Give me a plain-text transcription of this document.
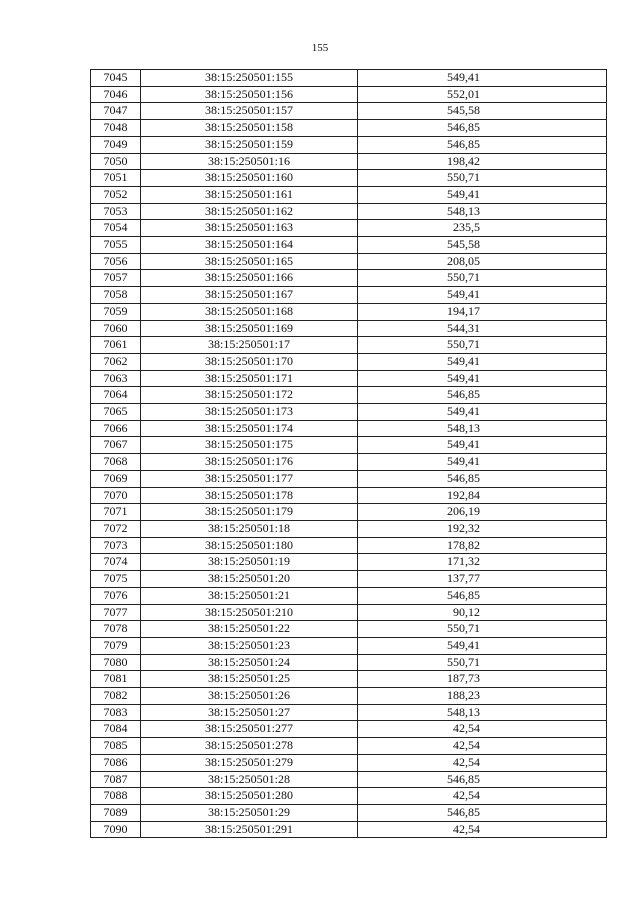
155
7045	38:15:250501:155	549,41
7046	38:15:250501:156	552,01
7047	38:15:250501:157	545,58
7048	38:15:250501:158	546,85
7049	38:15:250501:159	546,85
7050	38:15:250501:16	198,42
7051	38:15:250501:160	550,71
7052	38:15:250501:161	549,41
7053	38:15:250501:162	548,13
7054	38:15:250501:163	235,5
7055	38:15:250501:164	545,58
7056	38:15:250501:165	208,05
7057	38:15:250501:166	550,71
7058	38:15:250501:167	549,41
7059	38:15:250501:168	194,17
7060	38:15:250501:169	544,31
7061	38:15:250501:17	550,71
7062	38:15:250501:170	549,41
7063	38:15:250501:171	549,41
7064	38:15:250501:172	546,85
7065	38:15:250501:173	549,41
7066	38:15:250501:174	548,13
7067	38:15:250501:175	549,41
7068	38:15:250501:176	549,41
7069	38:15:250501:177	546,85
7070	38:15:250501:178	192,84
7071	38:15:250501:179	206,19
7072	38:15:250501:18	192,32
7073	38:15:250501:180	178,82
7074	38:15:250501:19	171,32
7075	38:15:250501:20	137,77
7076	38:15:250501:21	546,85
7077	38:15:250501:210	90,12
7078	38:15:250501:22	550,71
7079	38:15:250501:23	549,41
7080	38:15:250501:24	550,71
7081	38:15:250501:25	187,73
7082	38:15:250501:26	188,23
7083	38:15:250501:27	548,13
7084	38:15:250501:277	42,54
7085	38:15:250501:278	42,54
7086	38:15:250501:279	42,54
7087	38:15:250501:28	546,85
7088	38:15:250501:280	42,54
7089	38:15:250501:29	546,85
7090	38:15:250501:291	42,54
